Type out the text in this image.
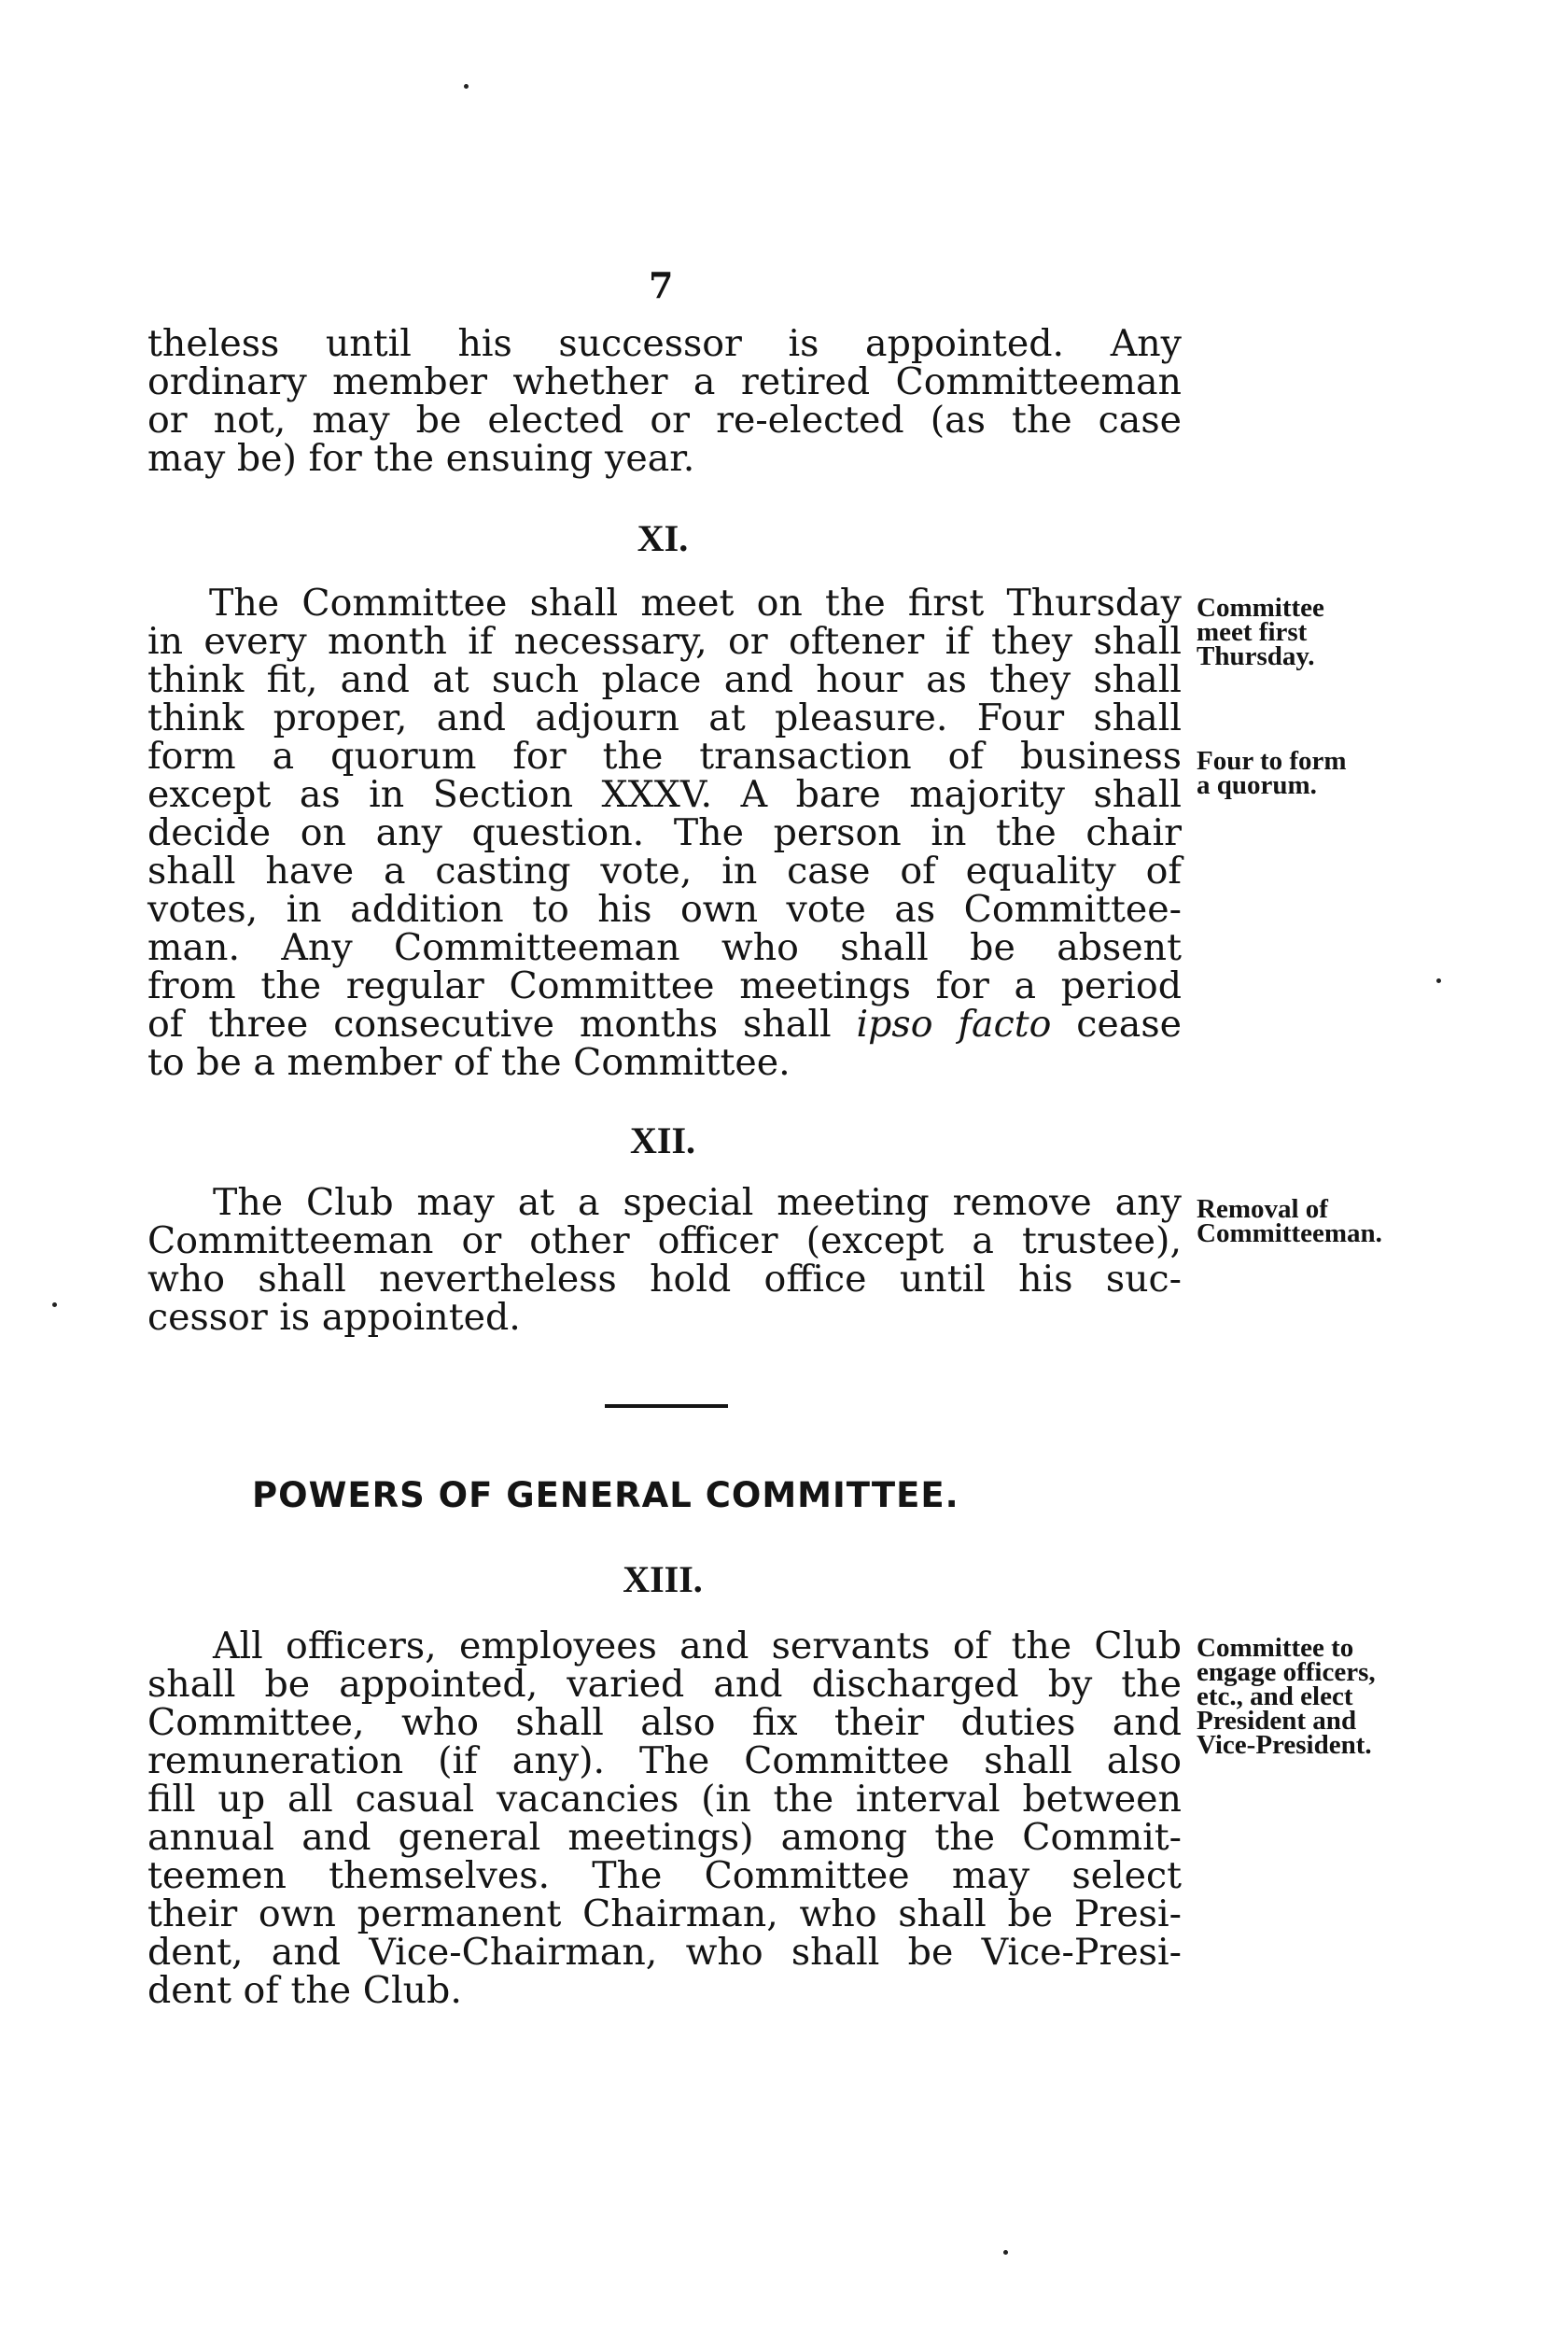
7
theless until his successor is appointed. Any
ordinary member whether a retired Committeeman
or not, may be elected or re-elected (as the case
may be) for the ensuing year.
XI.
The Committee shall meet on the first Thursday
in every month if necessary, or oftener if they shall
think fit, and at such place and hour as they shall
think proper, and adjourn at pleasure. Four shall
form a quorum for the transaction of business
except as in Section XXXV. A bare majority shall
decide on any question. The person in the chair
shall have a casting vote, in case of equality of
votes, in addition to his own vote as Committee-
man. Any Committeeman who shall be absent
from the regular Committee meetings for a period
of three consecutive months shall ipso facto cease
to be a member of the Committee.
Committee
meet first
Thursday.
Four to form
a quorum.
XII.
The Club may at a special meeting remove any
Committeeman or other officer (except a trustee),
who shall nevertheless hold office until his suc-
cessor is appointed.
Removal of
Committeeman.
POWERS OF GENERAL COMMITTEE.
XIII.
All officers, employees and servants of the Club
shall be appointed, varied and discharged by the
Committee, who shall also fix their duties and
remuneration (if any). The Committee shall also
fill up all casual vacancies (in the interval between
annual and general meetings) among the Commit-
teemen themselves. The Committee may select
their own permanent Chairman, who shall be Presi-
dent, and Vice-Chairman, who shall be Vice-Presi-
dent of the Club.
Committee to
engage officers,
etc., and elect
President and
Vice-President.
